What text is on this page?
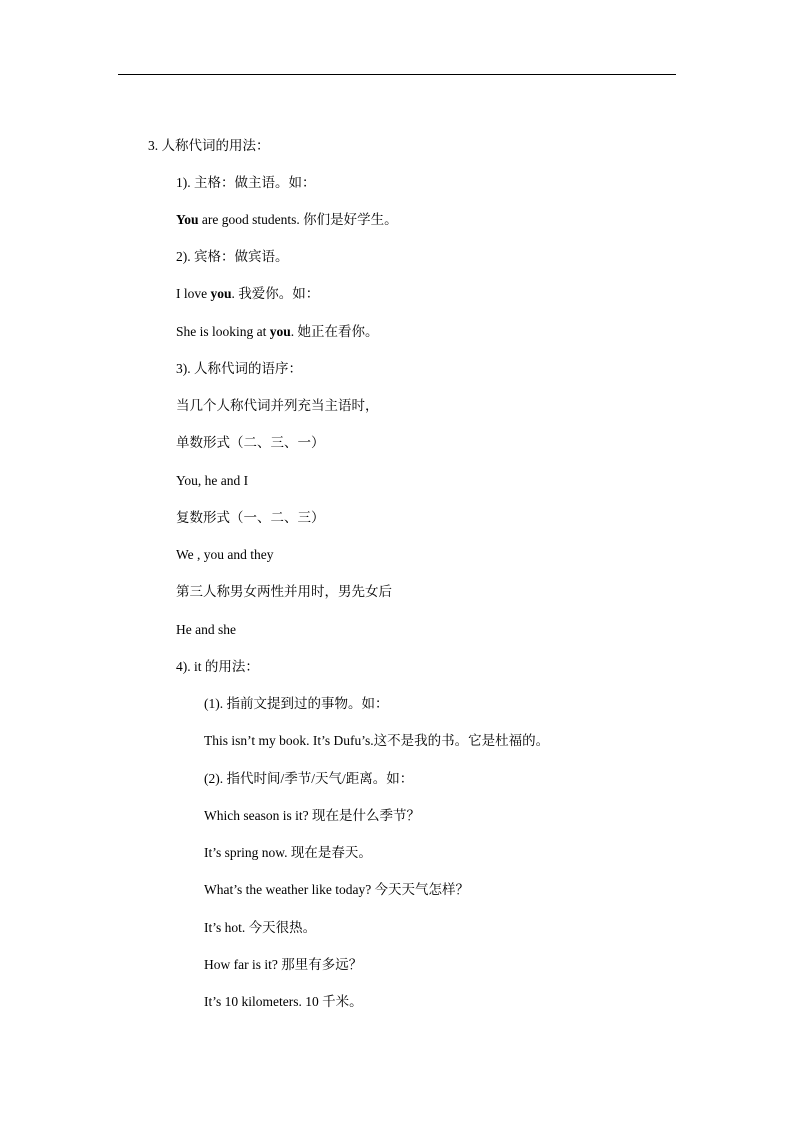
3. 人称代词的用法：
1). 主格：做主语。如：
You are good students. 你们是好学生。
2). 宾格：做宾语。
I love you. 我爱你。如：
She is looking at you. 她正在看你。
3). 人称代词的语序：
当几个人称代词并列充当主语时，
单数形式（二、三、一）
You, he and I
复数形式（一、二、三）
We , you and they
第三人称男女两性并用时，男先女后
He and she
4). it 的用法：
(1). 指前文提到过的事物。如：
This isn’t my book. It’s Dufu’s.这不是我的书。它是杜福的。
(2). 指代时间/季节/天气/距离。如：
Which season is it? 现在是什么季节？
It’s spring now. 现在是春天。
What’s the weather like today? 今天天气怎样？
It’s hot. 今天很热。
How far is it? 那里有多远？
It’s 10 kilometers. 10 千米。
